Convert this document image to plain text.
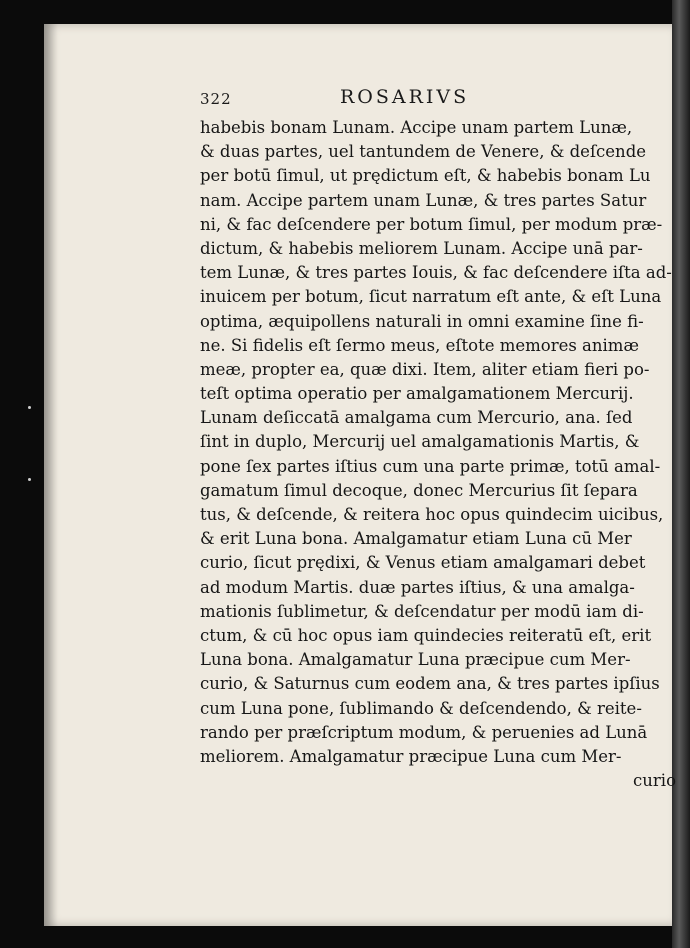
322	ROSARIVS
habebis bonam Lunam. Accipe unam partem Lunæ,
& duas partes, uel tantundem de Venere, & deſcende
per botū ſimul, ut prędictum eſt, & habebis bonam Lu
nam. Accipe partem unam Lunæ, & tres partes Satur
ni, & fac deſcendere per botum ſimul, per modum præ-
dictum, & habebis meliorem Lunam. Accipe unā par-
tem Lunæ, & tres partes Iouis, & fac deſcendere iſta ad-
inuicem per botum, ſicut narratum eſt ante, & eſt Luna
optima, æquipollens naturali in omni examine ſine fi-
ne. Si fidelis eſt ſermo meus, eſtote memores animæ
meæ, propter ea, quæ dixi. Item, aliter etiam fieri po-
teſt optima operatio per amalgamationem Mercurij.
Lunam deſiccatā amalgama cum Mercurio, ana. ſed
ſint in duplo, Mercurij uel amalgamationis Martis, &
pone ſex partes iſtius cum una parte primæ, totū amal-
gamatum ſimul decoque, donec Mercurius ſit ſepara
tus, & deſcende, & reitera hoc opus quindecim uicibus,
& erit Luna bona. Amalgamatur etiam Luna cū Mer
curio, ſicut prędixi, & Venus etiam amalgamari debet
ad modum Martis. duæ partes iſtius, & una amalga-
mationis ſublimetur, & deſcendatur per modū iam di-
ctum, & cū hoc opus iam quindecies reiteratū eſt, erit
Luna bona. Amalgamatur Luna præcipue cum Mer-
curio, & Saturnus cum eodem ana, & tres partes ipſius
cum Luna pone, ſublimando & deſcendendo, & reite-
rando per præſcriptum modum, & peruenies ad Lunā
meliorem. Amalgamatur præcipue Luna cum Mer-
curio
